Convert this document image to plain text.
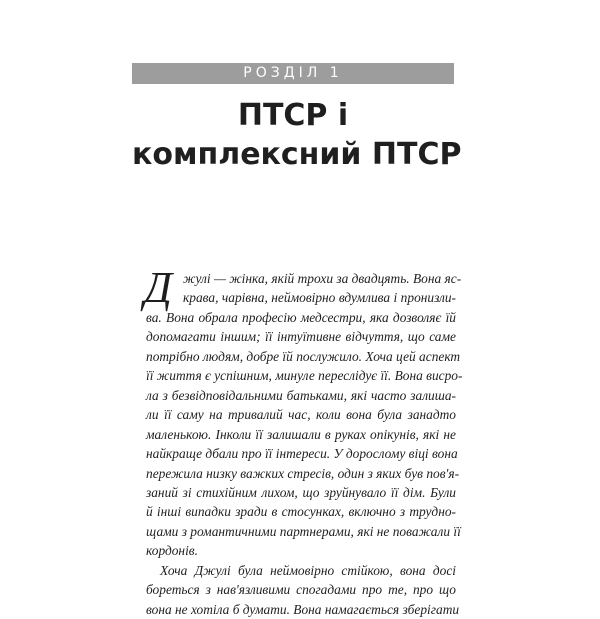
РОЗДІЛ 1
ПТСР і
комплексний ПТСР
Д жулі — жінка, якій трохи за двадцять. Вона яс-
крава, чарівна, неймовірно вдумлива і пронизли-
ва. Вона обрала професію медсестри, яка дозволяє їй
допомагати іншим; її інтуїтивне відчуття, що саме
потрібно людям, добре їй послужило. Хоча цей аспект
її життя є успішним, минуле переслідує її. Вона висро-
ла з безвідповідальними батьками, які часто залиша-
ли її саму на тривалий час, коли вона була занадто
маленькою. Інколи її залишали в руках опікунів, які не
найкраще дбали про її інтереси. У дорослому віці вона
пережила низку важких стресів, один з яких був пов'я-
заний зі стихійним лихом, що зруйнувало її дім. Були
й інші випадки зради в стосунках, включно з трудно-
щами з романтичними партнерами, які не поважали її
кордонів.
Хоча Джулі була неймовірно стійкою, вона досі
бореться з нав'язливими спогадами про те, про що
вона не хотіла б думати. Вона намагається зберігати
